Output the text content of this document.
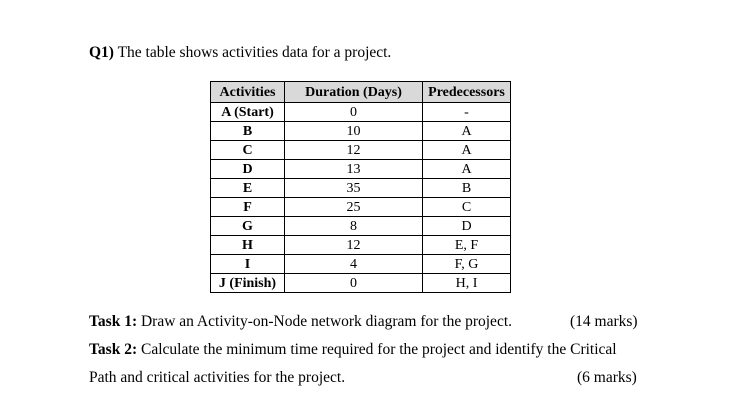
Q1) The table shows activities data for a project.
Activities	Duration (Days)	Predecessors
A (Start)	0	-
B	10	A
C	12	A
D	13	A
E	35	B
F	25	C
G	8	D
H	12	E, F
I	4	F, G
J (Finish)	0	H, I
Task 1: Draw an Activity-on-Node network diagram for the project.	(14 marks)
Task 2: Calculate the minimum time required for the project and identify the Critical
Path and critical activities for the project.	(6 marks)
